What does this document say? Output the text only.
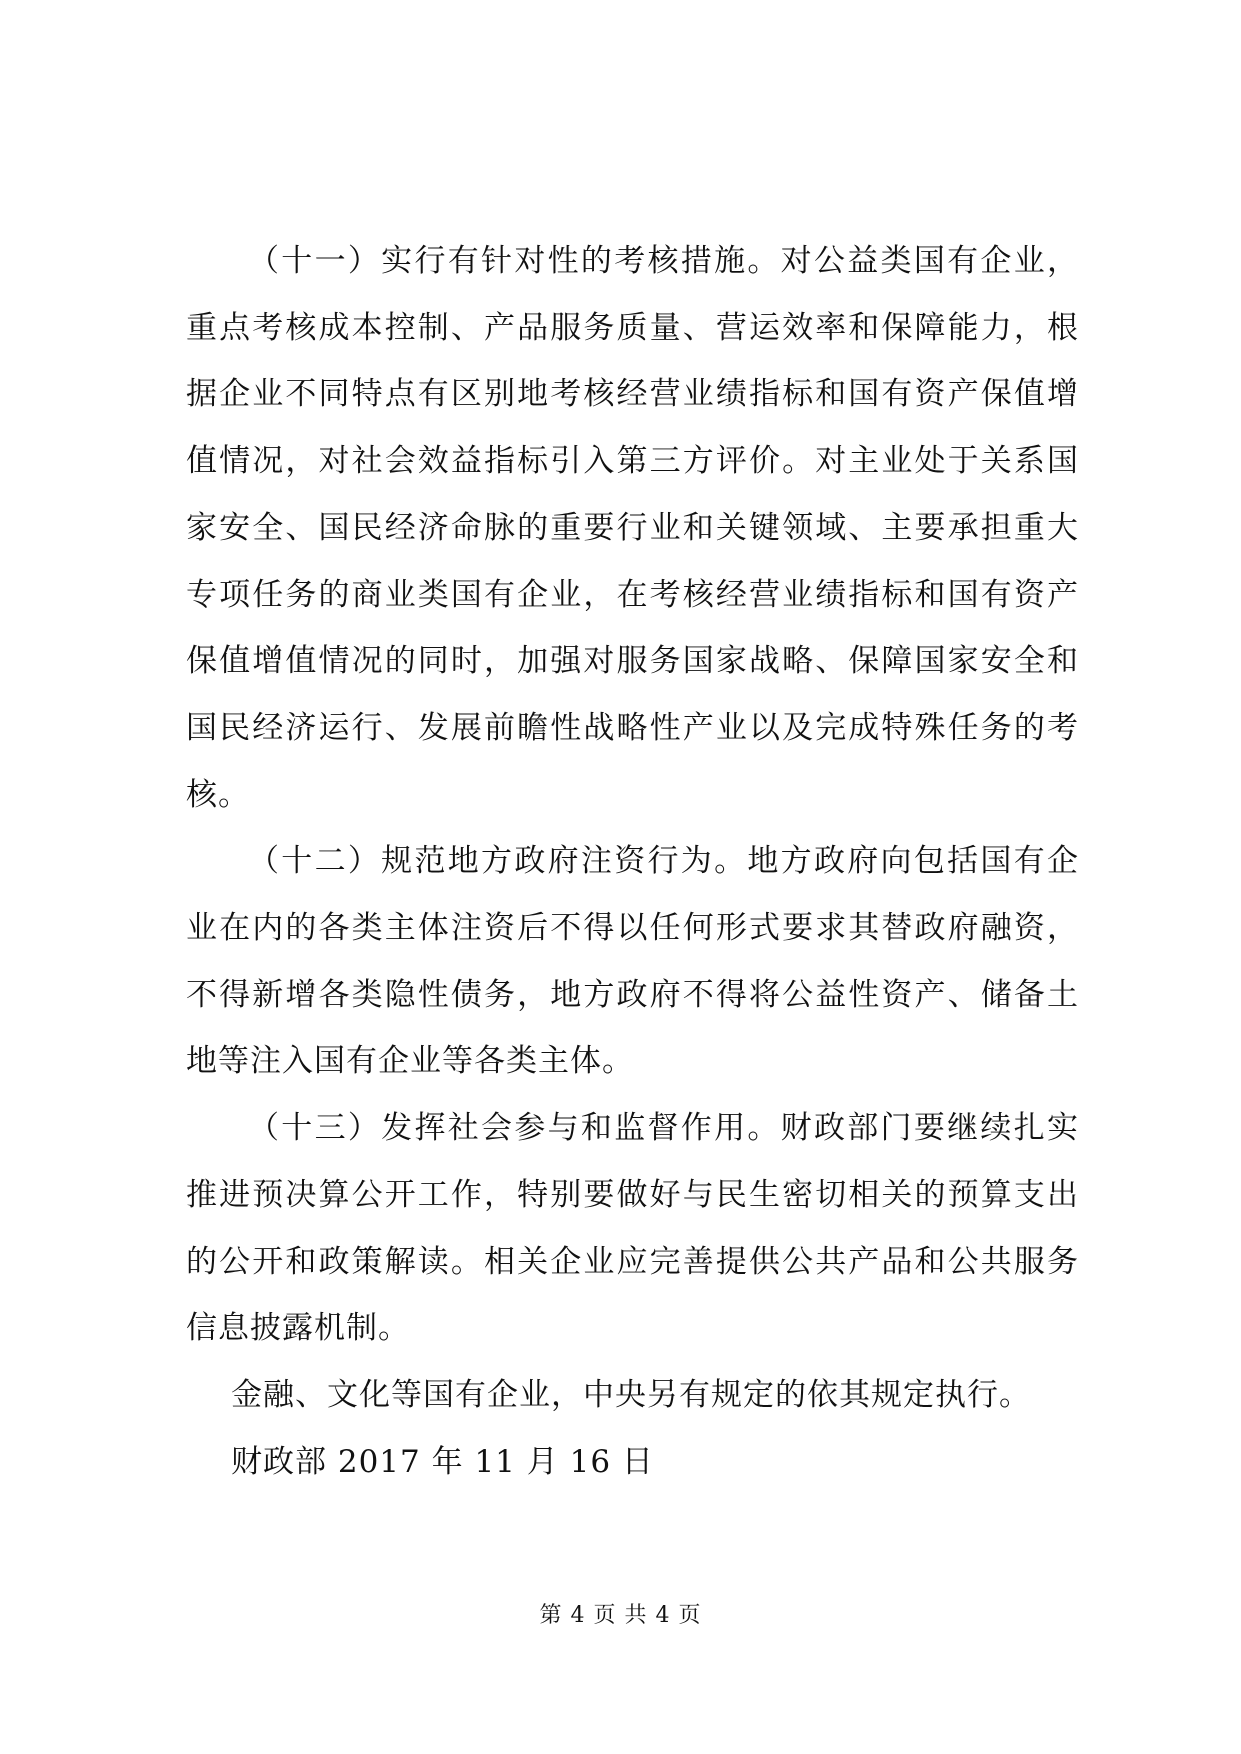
（十一）实行有针对性的考核措施。对公益类国有企业，重点考核成本控制、产品服务质量、营运效率和保障能力，根据企业不同特点有区别地考核经营业绩指标和国有资产保值增值情况，对社会效益指标引入第三方评价。对主业处于关系国家安全、国民经济命脉的重要行业和关键领域、主要承担重大专项任务的商业类国有企业，在考核经营业绩指标和国有资产保值增值情况的同时，加强对服务国家战略、保障国家安全和国民经济运行、发展前瞻性战略性产业以及完成特殊任务的考核。

（十二）规范地方政府注资行为。地方政府向包括国有企业在内的各类主体注资后不得以任何形式要求其替政府融资，不得新增各类隐性债务，地方政府不得将公益性资产、储备土地等注入国有企业等各类主体。

（十三）发挥社会参与和监督作用。财政部门要继续扎实推进预决算公开工作，特别要做好与民生密切相关的预算支出的公开和政策解读。相关企业应完善提供公共产品和公共服务信息披露机制。

金融、文化等国有企业，中央另有规定的依其规定执行。

财政部 2017 年 11 月 16 日

第 4 页 共 4 页
